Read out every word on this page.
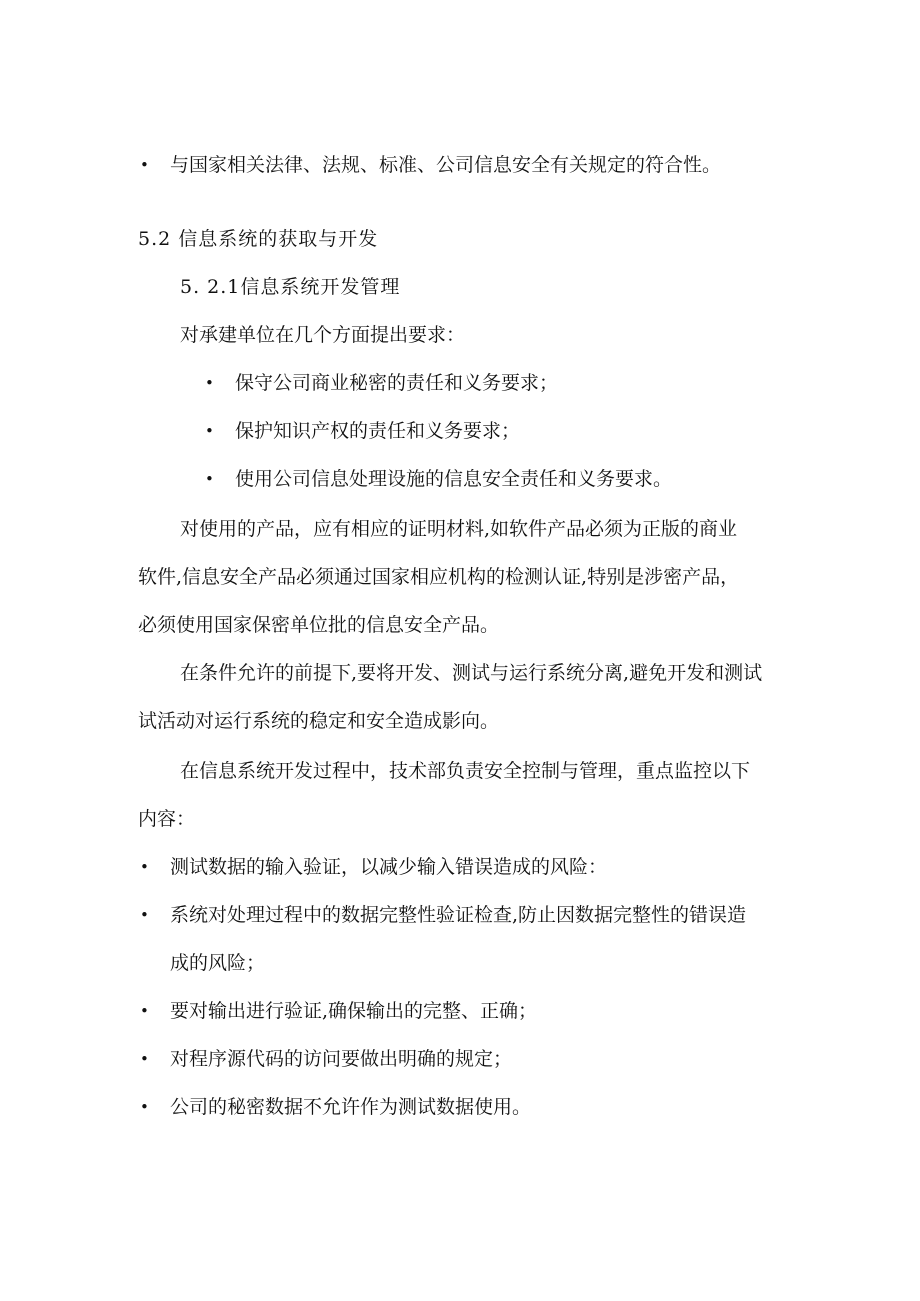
• 与国家相关法律、法规、标准、公司信息安全有关规定的符合性。
5.2 信息系统的获取与开发
5. 2.1信息系统开发管理
对承建单位在几个方面提出要求：
• 保守公司商业秘密的责任和义务要求；
• 保护知识产权的责任和义务要求；
• 使用公司信息处理设施的信息安全责任和义务要求。
对使用的产品，应有相应的证明材料,如软件产品必须为正版的商业
软件,信息安全产品必须通过国家相应机构的检测认证,特别是涉密产品，
必须使用国家保密单位批的信息安全产品。
在条件允许的前提下,要将开发、测试与运行系统分离,避免开发和测试
试活动对运行系统的稳定和安全造成影向。
在信息系统开发过程中，技术部负责安全控制与管理，重点监控以下
内容：
• 测试数据的输入验证，以减少输入错误造成的风险：
• 系统对处理过程中的数据完整性验证检查,防止因数据完整性的错误造
成的风险；
• 要对输出进行验证,确保输出的完整、正确；
• 对程序源代码的访问要做出明确的规定；
• 公司的秘密数据不允许作为测试数据使用。
